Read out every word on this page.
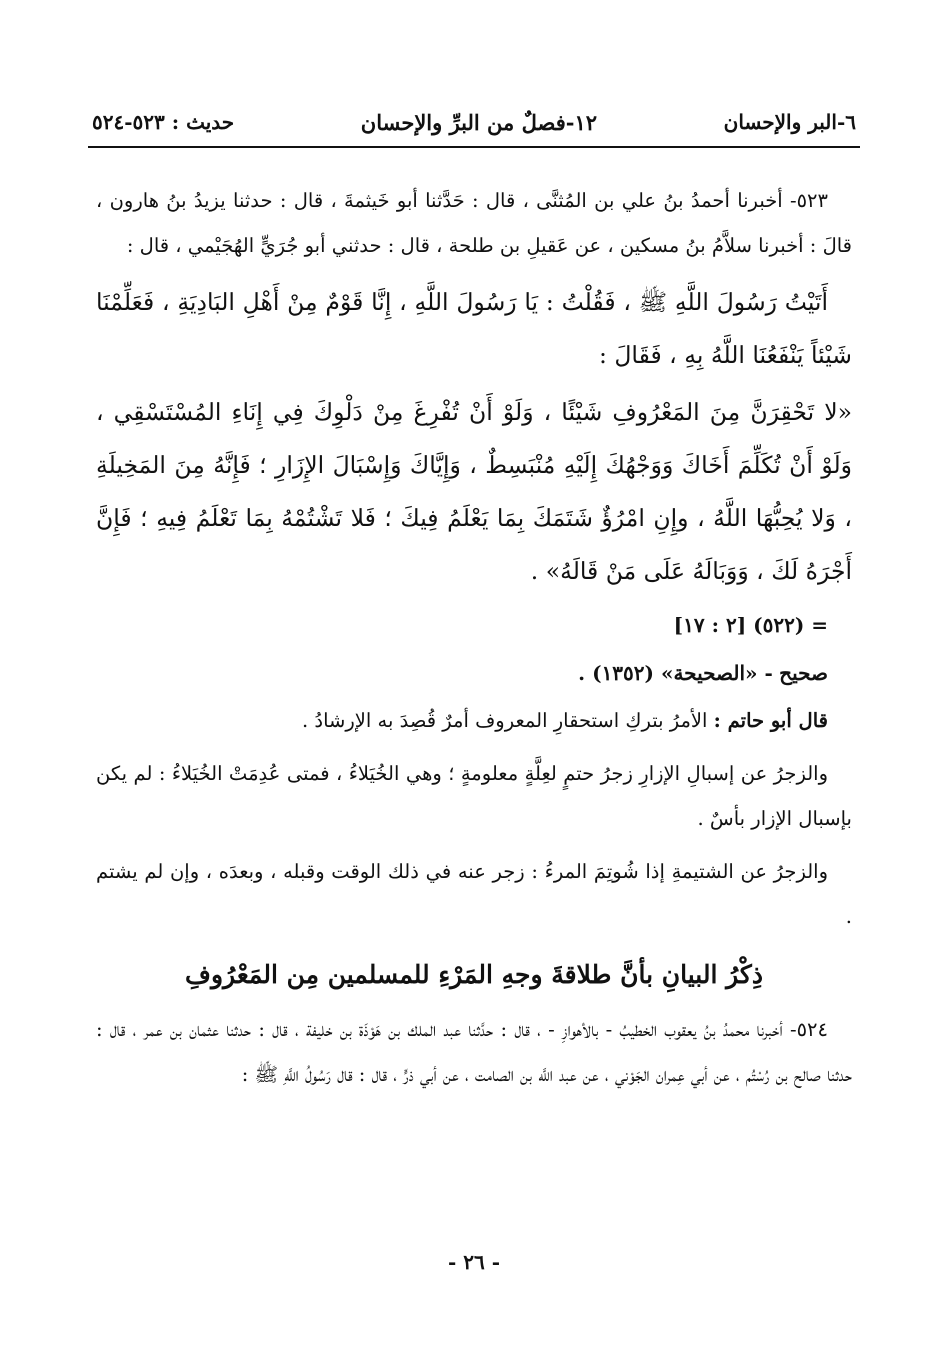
٦-البر والإحسان
١٢-فصلٌ من البرِّ والإحسان
حديث : ٥٢٣-٥٢٤

٥٢٣- أخبرنا أحمدُ بنُ علي بن المُثنَّى ، قال : حَدَّثنا أبو خَيثمةَ ، قال : حدثنا يزيدُ بنُ هارون ، قالَ : أخبرنا سلاَّمُ بنُ مسكين ، عن عَقيلِ بن طلحة ، قال : حدثني أبو جُرَيٍّ الهُجَيْمي ، قال :

أَتَيْتُ رَسُولَ اللَّهِ ﷺ ، فَقُلْتُ : يَا رَسُولَ اللَّهِ ، إِنَّا قَوْمٌ مِنْ أَهْلِ البَادِيَةِ ، فَعَلِّمْنَا شَيْئاً يَنْفَعُنَا اللَّهُ بِهِ ، فَقَالَ :

«لا تَحْقِرَنَّ مِنَ المَعْرُوفِ شَيْئًا ، وَلَوْ أَنْ تُفْرِغَ مِنْ دَلْوِكَ فِي إِنَاءِ المُسْتَسْقِي ، وَلَوْ أَنْ تُكَلِّمَ أَخَاكَ وَوَجْهُكَ إِلَيْهِ مُنْبَسِطٌ ، وَإِيَّاكَ وَإِسْبَالَ الإِزَارِ ؛ فَإِنَّهُ مِنَ المَخِيلَةِ ، وَلا يُحِبُّهَا اللَّهُ ، وإِنِ امْرُؤٌ شَتَمَكَ بِمَا يَعْلَمُ فِيكَ ؛ فَلا تَشْتُمْهُ بِمَا تَعْلَمُ فِيهِ ؛ فَإِنَّ أَجْرَهُ لَكَ ، وَوَبَالَهُ عَلَى مَنْ قَالَهُ» .

= (٥٢٢) [٢ : ١٧]

صحيح - «الصحيحة» (١٣٥٢) .

قال أبو حاتم : الأمرُ بتركِ استحقارِ المعروف أمرٌ قُصِدَ به الإرشادُ .

والزجرُ عن إسبالِ الإزارِ زجرُ حتمٍ لعِلَّةٍ معلومةٍ ؛ وهي الخُيَلاءُ ، فمتى عُدِمَتْ الخُيَلاءُ : لم يكن بإسبال الإزار بأسٌ .

والزجرُ عن الشتيمةِ إذا شُوتِمَ المرءُ : زجر عنه في ذلك الوقت وقبله ، وبعدَه ، وإن لم يشتم .

ذِكْرُ البيانِ بأنَّ طلاقةَ وجهِ المَرْءِ للمسلمين مِن المَعْرُوفِ

٥٢٤- أخبرنا محمدُ بنُ يعقوب الخطيبُ - بالأهوازِ - ، قال : حدَّثنا عبد الملك بن هَوْذَة بن خليفة ، قال : حدثنا عثمان بن عمر ، قال : حدثنا صالح بن رُسْتُم ، عن أبي عِمران الجَوْني ، عن عبد اللَّه بن الصامت ، عن أبي ذرٍّ ، قال : قال رَسُولُ اللَّهِ ﷺ :

- ٢٦ -
